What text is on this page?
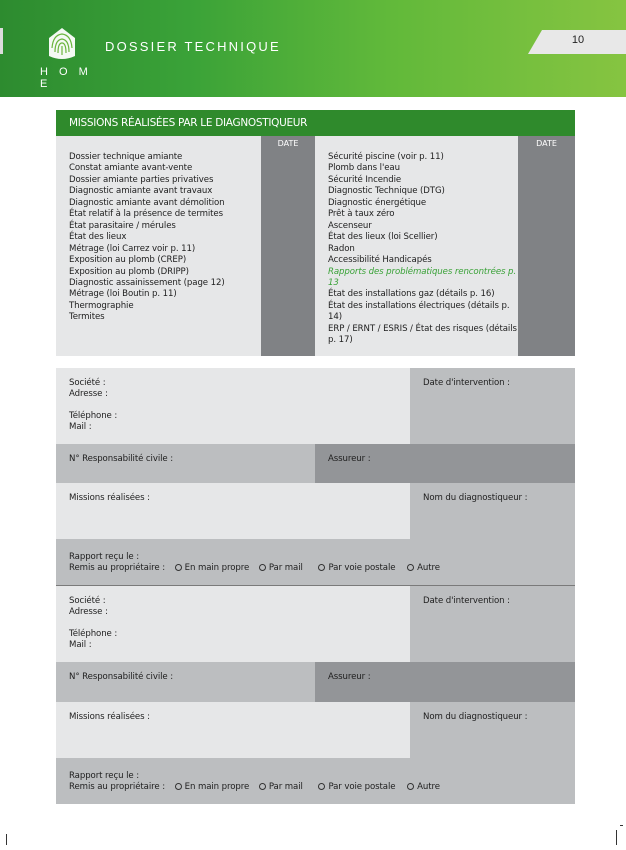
H O M E
DOSSIER TECHNIQUE	10
MISSIONS RÉALISÉES PAR LE DIAGNOSTIQUEUR
DATE	DATE
Dossier technique amiante
Constat amiante avant-vente
Dossier amiante parties privatives
Diagnostic amiante avant travaux
Diagnostic amiante avant démolition
État relatif à la présence de termites
État parasitaire / mérules
État des lieux
Métrage (loi Carrez voir p. 11)
Exposition au plomb (CREP)
Exposition au plomb (DRIPP)
Diagnostic assainissement (page 12)
Métrage (loi Boutin p. 11)
Thermographie
Termites
Sécurité piscine (voir p. 11)
Plomb dans l'eau
Sécurité Incendie
Diagnostic Technique (DTG)
Diagnostic énergétique
Prêt à taux zéro
Ascenseur
État des lieux (loi Scellier)
Radon
Accessibilité Handicapés
Rapports des problématiques rencontrées p. 13
État des installations gaz (détails p. 16)
État des installations électriques (détails p. 14)
ERP / ERNT / ESRIS / État des risques (détails p. 17)
Société :
Adresse :
Téléphone :
Mail :
Date d'intervention :
N° Responsabilité civile :	Assureur :
Missions réalisées :	Nom du diagnostiqueur :
Rapport reçu le :
Remis au propriétaire : En main propre Par mail	Par voie postale	Autre
Société :
Adresse :
Téléphone :
Mail :
Date d'intervention :
N° Responsabilité civile :	Assureur :
Missions réalisées :	Nom du diagnostiqueur :
Rapport reçu le :
Remis au propriétaire : En main propre Par mail	Par voie postale	Autre
